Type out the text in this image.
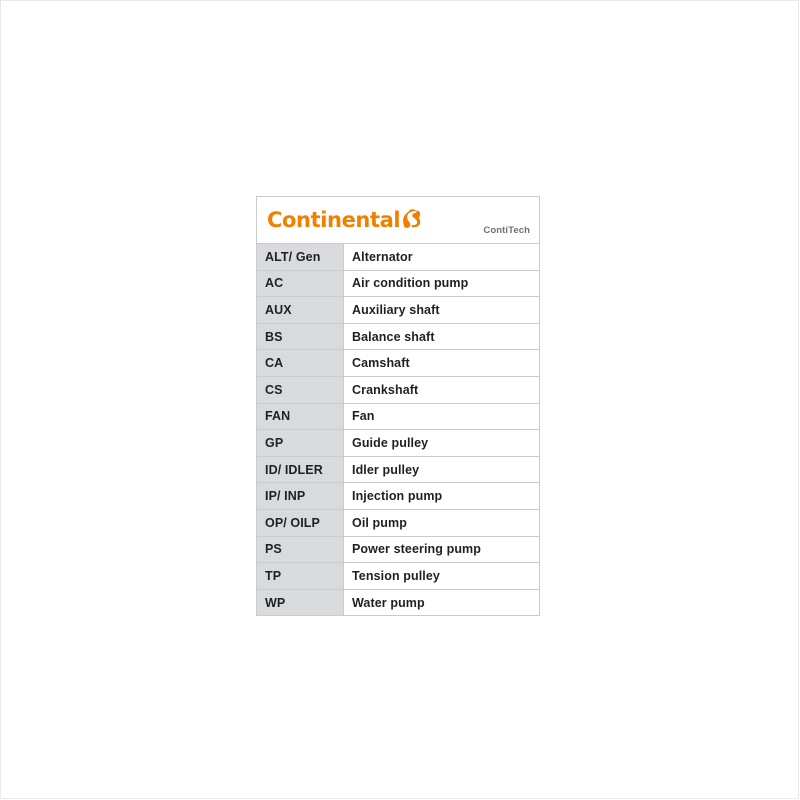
Continental	ContiTech
ALT/ Gen	Alternator
AC	Air condition pump
AUX	Auxiliary shaft
BS	Balance shaft
CA	Camshaft
CS	Crankshaft
FAN	Fan
GP	Guide pulley
ID/ IDLER	Idler pulley
IP/ INP	Injection pump
OP/ OILP	Oil pump
PS	Power steering pump
TP	Tension pulley
WP	Water pump
